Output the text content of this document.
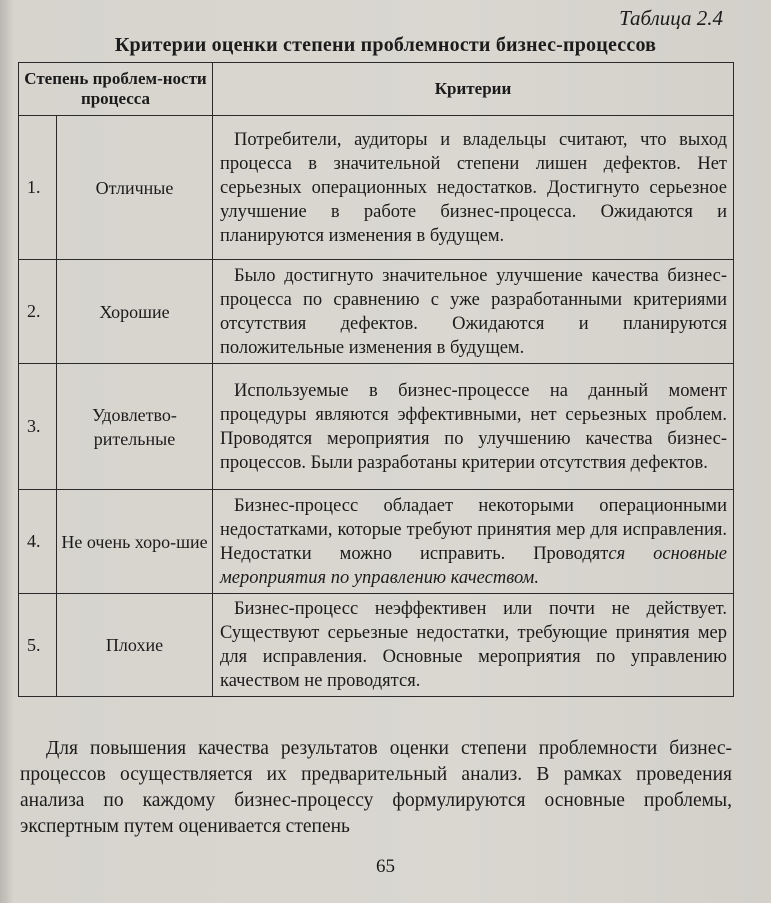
Таблица 2.4
Критерии оценки степени проблемности бизнес-процессов
Степень проблем-ности процесса		Критерии
1.	Отличные	Потребители, аудиторы и владельцы считают, что выход процесса в значительной степени лишен дефектов. Нет серьезных операционных недостатков. Достигнуто серьезное улучшение в работе бизнес-процесса. Ожидаются и планируются изменения в будущем.
2.	Хорошие	Было достигнуто значительное улучшение качества бизнес-процесса по сравнению с уже разработанными критериями отсутствия дефектов. Ожидаются и планируются положительные изменения в будущем.
3.	Удовлетво-рительные	Используемые в бизнес-процессе на данный момент процедуры являются эффективными, нет серьезных проблем. Проводятся мероприятия по улучшению качества бизнес-процессов. Были разработаны критерии отсутствия дефектов.
4.	Не очень хоро-шие	Бизнес-процесс обладает некоторыми операционными недостатками, которые требуют принятия мер для исправления. Недостатки можно исправить. Проводятся основные мероприятия по управлению качеством.
5.	Плохие	Бизнес-процесс неэффективен или почти не действует. Существуют серьезные недостатки, требующие принятия мер для исправления. Основные мероприятия по управлению качеством не проводятся.
Для повышения качества результатов оценки степени проблемности бизнес-процессов осуществляется их предварительный анализ. В рамках проведения анализа по каждому бизнес-процессу формулируются основные проблемы, экспертным путем оценивается степень
65
